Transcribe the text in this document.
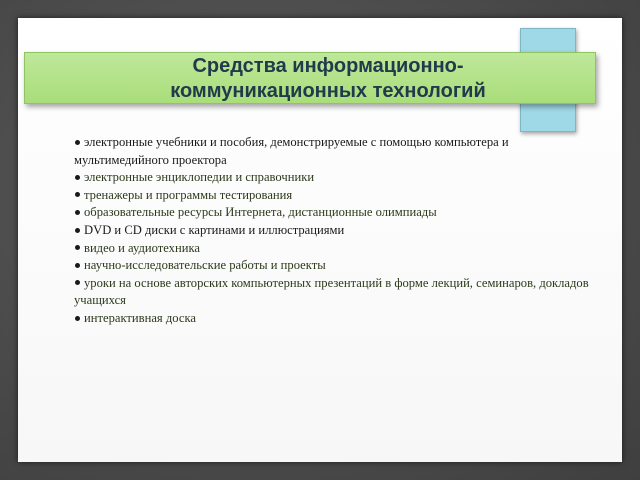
Средства информационно-коммуникационных технологий
электронные учебники и пособия, демонстрируемые с помощью компьютера и мультимедийного проектора
электронные энциклопедии и справочники
тренажеры и программы тестирования
образовательные ресурсы Интернета, дистанционные олимпиады
DVD и CD диски с картинами и иллюстрациями
видео и аудиотехника
научно-исследовательские работы и проекты
уроки на основе авторских компьютерных презентаций в форме лекций, семинаров, докладов учащихся
интерактивная доска
